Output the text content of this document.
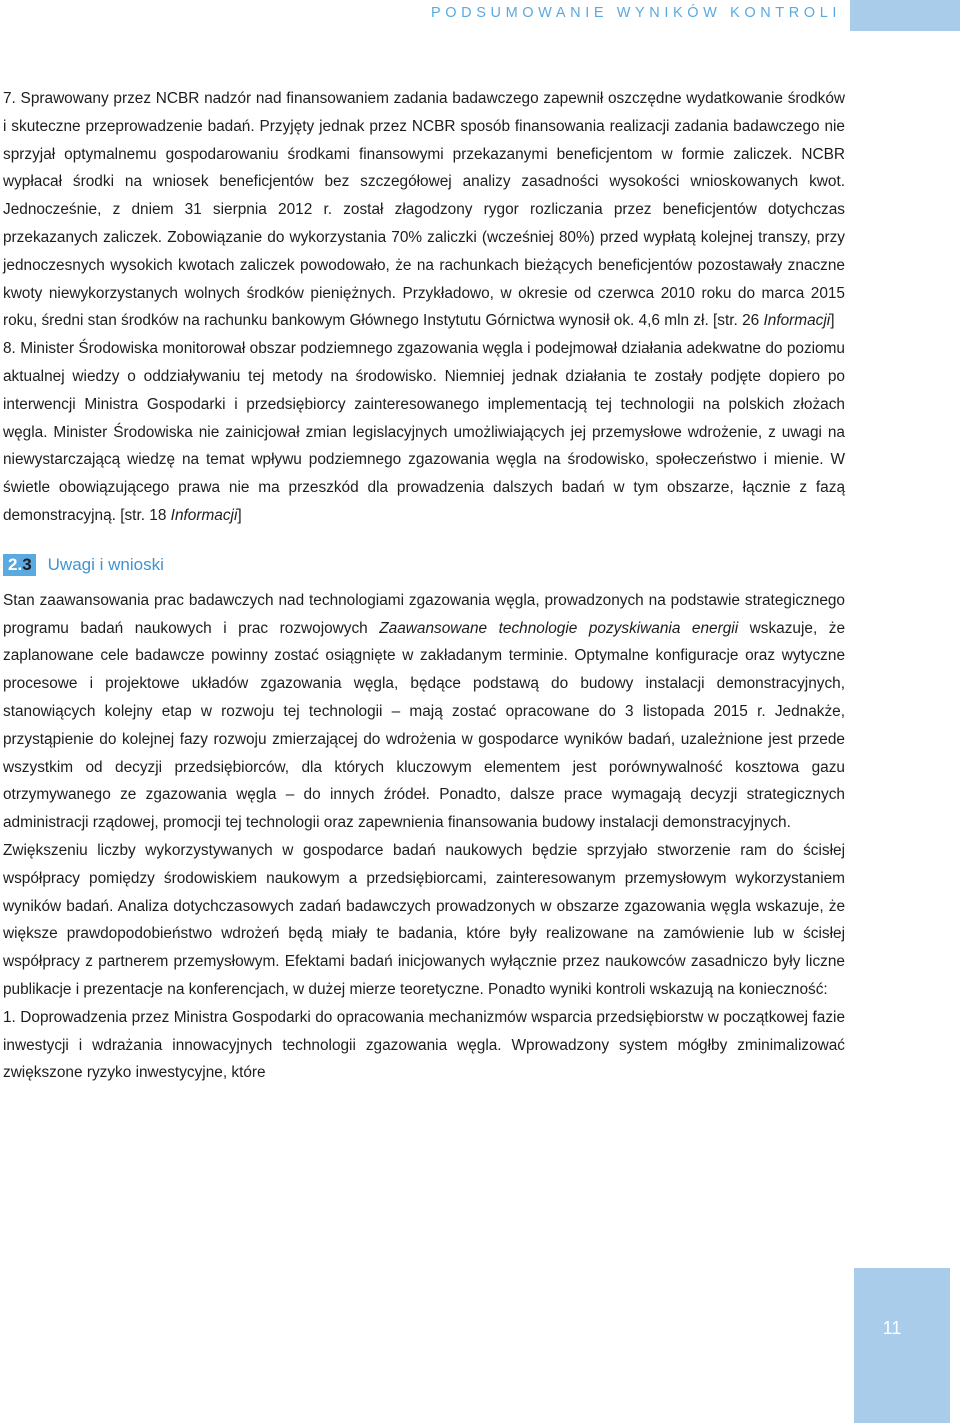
PODSUMOWANIE WYNIKÓW KONTROLI

7. Sprawowany przez NCBR nadzór nad finansowaniem zadania badawczego zapewnił oszczędne wydatkowanie środków i skuteczne przeprowadzenie badań. Przyjęty jednak przez NCBR sposób finansowania realizacji zadania badawczego nie sprzyjał optymalnemu gospodarowaniu środkami finansowymi przekazanymi beneficjentom w formie zaliczek. NCBR wypłacał środki na wniosek beneficjentów bez szczegółowej analizy zasadności wysokości wnioskowanych kwot. Jednocześnie, z dniem 31 sierpnia 2012 r. został złagodzony rygor rozliczania przez beneficjentów dotychczas przekazanych zaliczek. Zobowiązanie do wykorzystania 70% zaliczki (wcześniej 80%) przed wypłatą kolejnej transzy, przy jednoczesnych wysokich kwotach zaliczek powodowało, że na rachunkach bieżących beneficjentów pozostawały znaczne kwoty niewykorzystanych wolnych środków pieniężnych. Przykładowo, w okresie od czerwca 2010 roku do marca 2015 roku, średni stan środków na rachunku bankowym Głównego Instytutu Górnictwa wynosił ok. 4,6 mln zł. [str. 26 Informacji]

8. Minister Środowiska monitorował obszar podziemnego zgazowania węgla i podejmował działania adekwatne do poziomu aktualnej wiedzy o oddziaływaniu tej metody na środowisko. Niemniej jednak działania te zostały podjęte dopiero po interwencji Ministra Gospodarki i przedsiębiorcy zainteresowanego implementacją tej technologii na polskich złożach węgla. Minister Środowiska nie zainicjował zmian legislacyjnych umożliwiających jej przemysłowe wdrożenie, z uwagi na niewystarczającą wiedzę na temat wpływu podziemnego zgazowania węgla na środowisko, społeczeństwo i mienie. W świetle obowiązującego prawa nie ma przeszkód dla prowadzenia dalszych badań w tym obszarze, łącznie z fazą demonstracyjną. [str. 18 Informacji]

2.3 Uwagi i wnioski

Stan zaawansowania prac badawczych nad technologiami zgazowania węgla, prowadzonych na podstawie strategicznego programu badań naukowych i prac rozwojowych Zaawansowane technologie pozyskiwania energii wskazuje, że zaplanowane cele badawcze powinny zostać osiągnięte w zakładanym terminie. Optymalne konfiguracje oraz wytyczne procesowe i projektowe układów zgazowania węgla, będące podstawą do budowy instalacji demonstracyjnych, stanowiących kolejny etap w rozwoju tej technologii – mają zostać opracowane do 3 listopada 2015 r. Jednakże, przystąpienie do kolejnej fazy rozwoju zmierzającej do wdrożenia w gospodarce wyników badań, uzależnione jest przede wszystkim od decyzji przedsiębiorców, dla których kluczowym elementem jest porównywalność kosztowa gazu otrzymywanego ze zgazowania węgla – do innych źródeł. Ponadto, dalsze prace wymagają decyzji strategicznych administracji rządowej, promocji tej technologii oraz zapewnienia finansowania budowy instalacji demonstracyjnych.

Zwiększeniu liczby wykorzystywanych w gospodarce badań naukowych będzie sprzyjało stworzenie ram do ścisłej współpracy pomiędzy środowiskiem naukowym a przedsiębiorcami, zainteresowanym przemysłowym wykorzystaniem wyników badań. Analiza dotychczasowych zadań badawczych prowadzonych w obszarze zgazowania węgla wskazuje, że większe prawdopodobieństwo wdrożeń będą miały te badania, które były realizowane na zamówienie lub w ścisłej współpracy z partnerem przemysłowym. Efektami badań inicjowanych wyłącznie przez naukowców zasadniczo były liczne publikacje i prezentacje na konferencjach, w dużej mierze teoretyczne. Ponadto wyniki kontroli wskazują na konieczność:

1. Doprowadzenia przez Ministra Gospodarki do opracowania mechanizmów wsparcia przedsiębiorstw w początkowej fazie inwestycji i wdrażania innowacyjnych technologii zgazowania węgla. Wprowadzony system mógłby zminimalizować zwiększone ryzyko inwestycyjne, które

11
